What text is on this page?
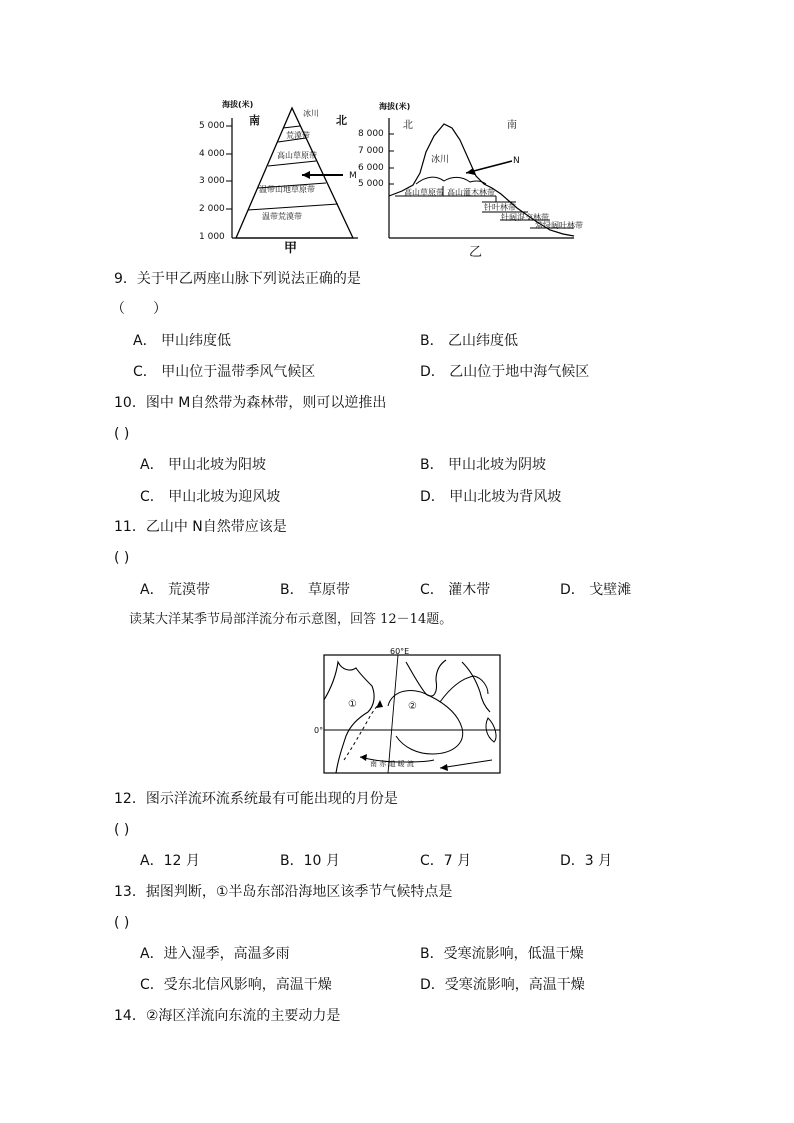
海拔(米)
5 000
4 000
3 000
2 000
1 000
南
冰川
北
荒漠带
高山草原带
温带山地草原带
温带荒漠带
M
甲
海拔(米)
8 000
7 000
6 000
5 000
北	南
冰川	N
高山草原带 高山灌木林带
针叶林带
针阔混交林带
常绿阔叶林带
乙
9．关于甲乙两座山脉下列说法正确的是
（　　）
A． 甲山纬度低	B． 乙山纬度低
C． 甲山位于温带季风气候区	D． 乙山位于地中海气候区
10．图中 M自然带为森林带，则可以逆推出
( )
A． 甲山北坡为阳坡	B． 甲山北坡为阴坡
C． 甲山北坡为迎风坡	D． 甲山北坡为背风坡
11．乙山中 N自然带应该是
( )
A． 荒漠带	B． 草原带	C． 灌木带	D． 戈壁滩
读某大洋某季节局部洋流分布示意图，回答 12－14题。
60°E
0°
①	②
南 赤 道 暖 流
12．图示洋流环流系统最有可能出现的月份是
( )
A．12 月	B．10 月	C．7 月	D．3 月
13．据图判断，①半岛东部沿海地区该季节气候特点是
( )
A．进入湿季，高温多雨	B．受寒流影响，低温干燥
C．受东北信风影响，高温干燥	D．受寒流影响，高温干燥
14．②海区洋流向东流的主要动力是
